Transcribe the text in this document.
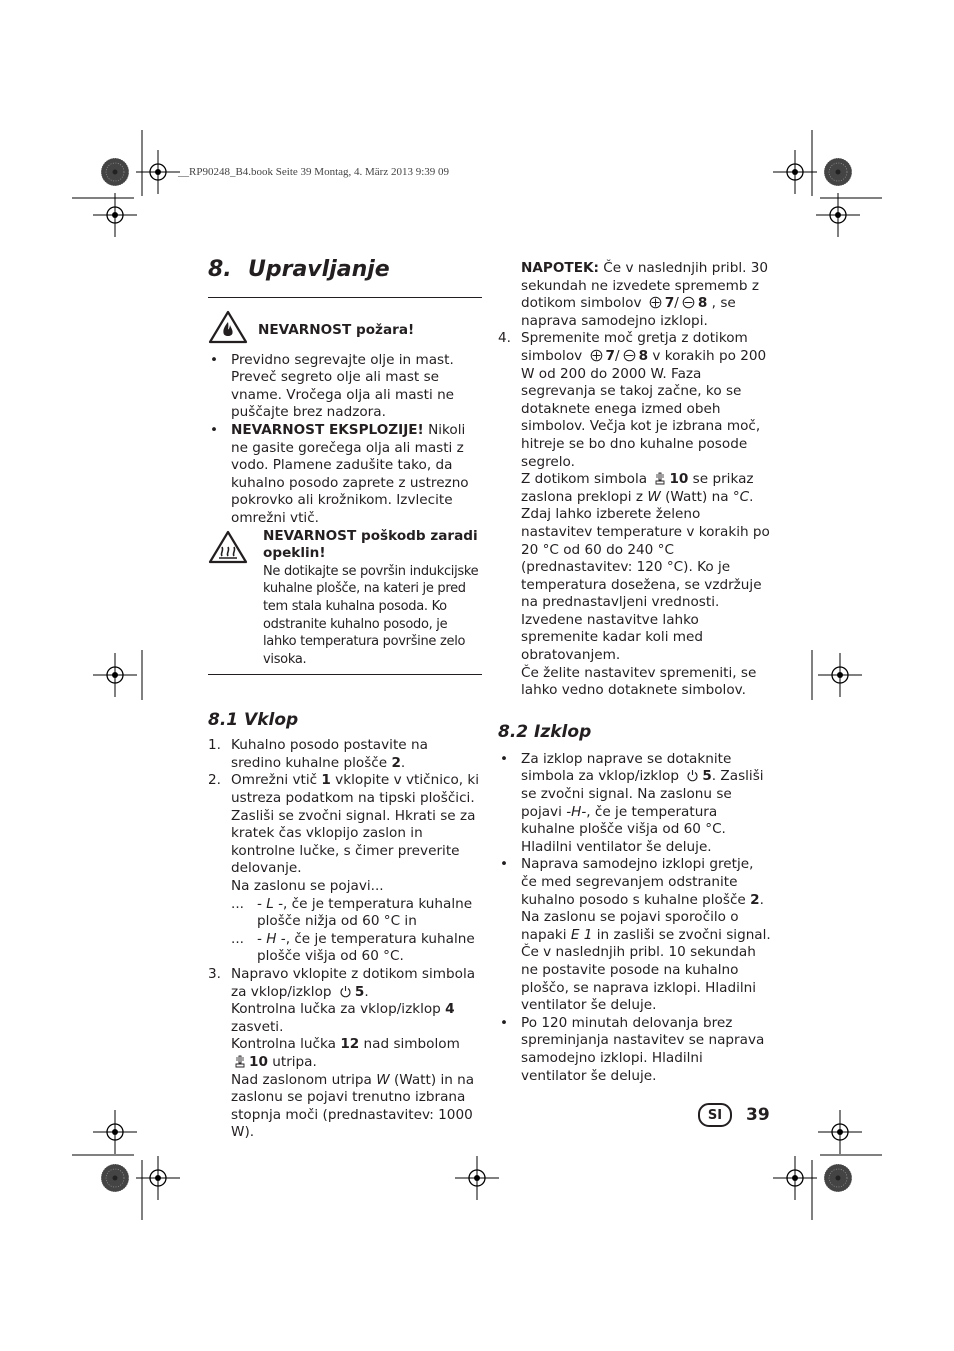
__RP90248_B4.book Seite 39 Montag, 4. März 2013 9:39 09
8. Upravljanje
NEVARNOST požara!
• Previdno segrevajte olje in mast. Preveč segreto olje ali mast se vname. Vročega olja ali masti ne puščajte brez nadzora.
• NEVARNOST EKSPLOZIJE! Nikoli ne gasite gorečega olja ali masti z vodo. Plamene zadušite tako, da kuhalno posodo zaprete z ustrezno pokrovko ali krožnikom. Izvlecite omrežni vtič.
NEVARNOST poškodb zaradi opeklin!
Ne dotikajte se površin indukcijske kuhalne plošče, na kateri je pred tem stala kuhalna posoda. Ko odstranite kuhalno posodo, je lahko temperatura površine zelo visoka.
8.1 Vklop
1. Kuhalno posodo postavite na sredino kuhalne plošče 2.
2. Omrežni vtič 1 vklopite v vtičnico, ki ustreza podatkom na tipski ploščici. Zasliši se zvočni signal. Hkrati se za kratek čas vklopijo zaslon in kontrolne lučke, s čimer preverite delovanje.
Na zaslonu se pojavi...
... - L -, če je temperatura kuhalne plošče nižja od 60 °C in
... - H -, če je temperatura kuhalne plošče višja od 60 °C.
3. Napravo vklopite z dotikom simbola za vklop/izklop 5.
Kontrolna lučka za vklop/izklop 4 zasveti.
Kontrolna lučka 12 nad simbolom
10 utripa.
Nad zaslonom utripa W (Watt) in na zaslonu se pojavi trenutno izbrana stopnja moči (prednastavitev: 1000 W).
NAPOTEK: Če v naslednjih pribl. 30 sekundah ne izvedete sprememb z dotikom simbolov 7/ 8 , se naprava samodejno izklopi.
4. Spremenite moč gretja z dotikom simbolov 7/ 8 v korakih po 200 W od 200 do 2000 W. Faza segrevanja se takoj začne, ko se dotaknete enega izmed obeh simbolov. Večja kot je izbrana moč, hitreje se bo dno kuhalne posode segrelo.
Z dotikom simbola 10 se prikaz zaslona preklopi z W (Watt) na °C. Zdaj lahko izberete želeno nastavitev temperature v korakih po 20 °C od 60 do 240 °C (prednastavitev: 120 °C). Ko je temperatura dosežena, se vzdržuje na prednastavljeni vrednosti.
Izvedene nastavitve lahko spremenite kadar koli med obratovanjem.
Če želite nastavitev spremeniti, se lahko vedno dotaknete simbolov.
8.2 Izklop
• Za izklop naprave se dotaknite simbola za vklop/izklop 5. Zasliši se zvočni signal. Na zaslonu se pojavi -H-, če je temperatura kuhalne plošče višja od 60 °C. Hladilni ventilator še deluje.
• Naprava samodejno izklopi gretje, če med segrevanjem odstranite kuhalno posodo s kuhalne plošče 2. Na zaslonu se pojavi sporočilo o napaki E 1 in zasliši se zvočni signal. Če v naslednjih pribl. 10 sekundah ne postavite posode na kuhalno ploščo, se naprava izklopi. Hladilni ventilator še deluje.
• Po 120 minutah delovanja brez spreminjanja nastavitev se naprava samodejno izklopi. Hladilni ventilator še deluje.
SI	39
